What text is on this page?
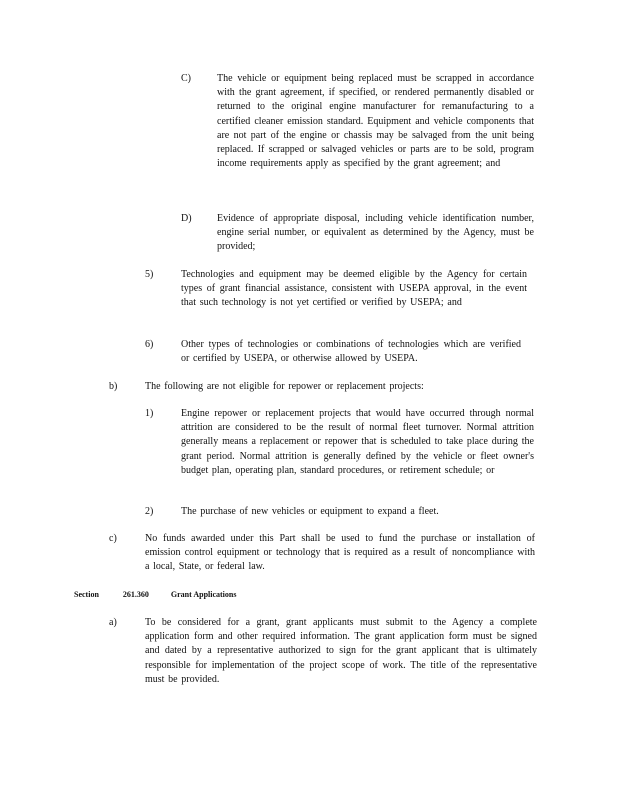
C)	The vehicle or equipment being replaced must be scrapped in accordance with the grant agreement, if specified, or rendered permanently disabled or returned to the original engine manufacturer for remanufacturing to a certified cleaner emission standard. Equipment and vehicle components that are not part of the engine or chassis may be salvaged from the unit being replaced. If scrapped or salvaged vehicles or parts are to be sold, program income requirements apply as specified by the grant agreement; and
D)	Evidence of appropriate disposal, including vehicle identification number, engine serial number, or equivalent as determined by the Agency, must be provided;
5)	Technologies and equipment may be deemed eligible by the Agency for certain types of grant financial assistance, consistent with USEPA approval, in the event that such technology is not yet certified or verified by USEPA; and
6)	Other types of technologies or combinations of technologies which are verified or certified by USEPA, or otherwise allowed by USEPA.
b)	The following are not eligible for repower or replacement projects:
1)	Engine repower or replacement projects that would have occurred through normal attrition are considered to be the result of normal fleet turnover. Normal attrition generally means a replacement or repower that is scheduled to take place during the grant period. Normal attrition is generally defined by the vehicle or fleet owner's budget plan, operating plan, standard procedures, or retirement schedule; or
2)	The purchase of new vehicles or equipment to expand a fleet.
c)	No funds awarded under this Part shall be used to fund the purchase or installation of emission control equipment or technology that is required as a result of noncompliance with a local, State, or federal law.
Section	261.360	Grant Applications
a)	To be considered for a grant, grant applicants must submit to the Agency a complete application form and other required information. The grant application form must be signed and dated by a representative authorized to sign for the grant applicant that is ultimately responsible for implementation of the project scope of work. The title of the representative must be provided.
